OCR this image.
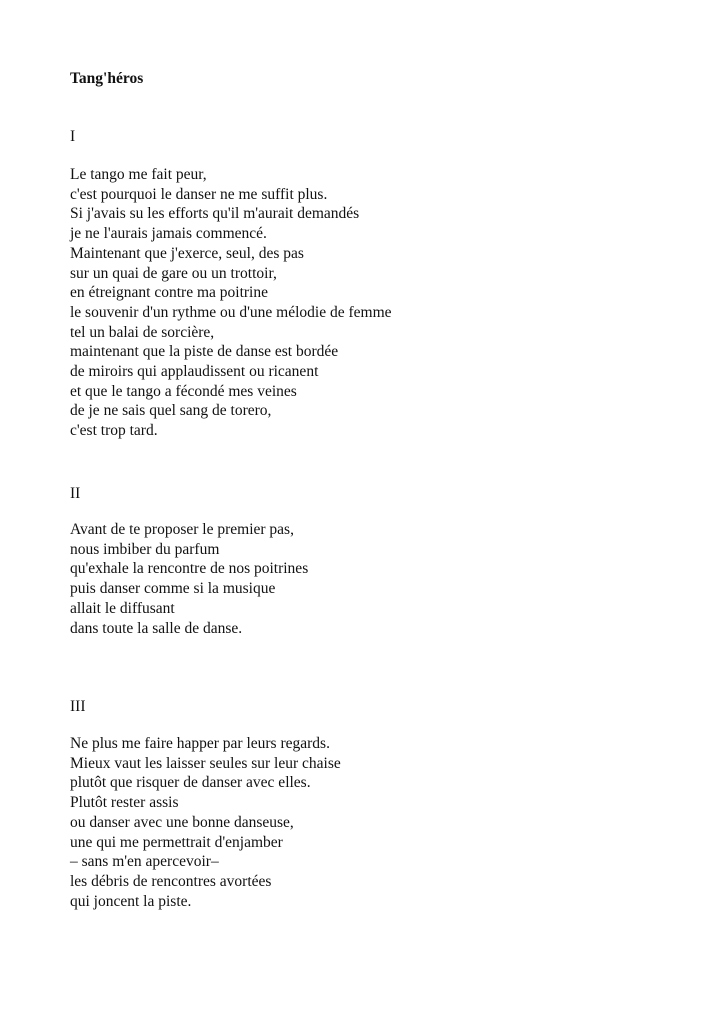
Tang'héros
I
Le tango me fait peur,
c'est pourquoi le danser ne me suffit plus.
Si j'avais su les efforts qu'il m'aurait demandés
je ne l'aurais jamais commencé.
Maintenant que j'exerce, seul, des pas
sur un quai de gare ou un trottoir,
en étreignant contre ma poitrine
le souvenir d'un rythme ou d'une mélodie de femme
tel un balai de sorcière,
maintenant que la piste de danse est bordée
de miroirs qui applaudissent ou ricanent
et que le tango a fécondé mes veines
de je ne sais quel sang de torero,
c'est trop tard.
II
Avant de te proposer le premier pas,
nous imbiber du parfum
qu'exhale la rencontre de nos poitrines
puis danser comme si la musique
allait le diffusant
dans toute la salle de danse.
III
Ne plus me faire happer par leurs regards.
Mieux vaut les laisser seules sur leur chaise
plutôt que risquer de danser avec elles.
Plutôt rester assis
ou danser avec une bonne danseuse,
une qui me permettrait d'enjamber
– sans m'en apercevoir–
les débris de rencontres avortées
qui joncent la piste.
